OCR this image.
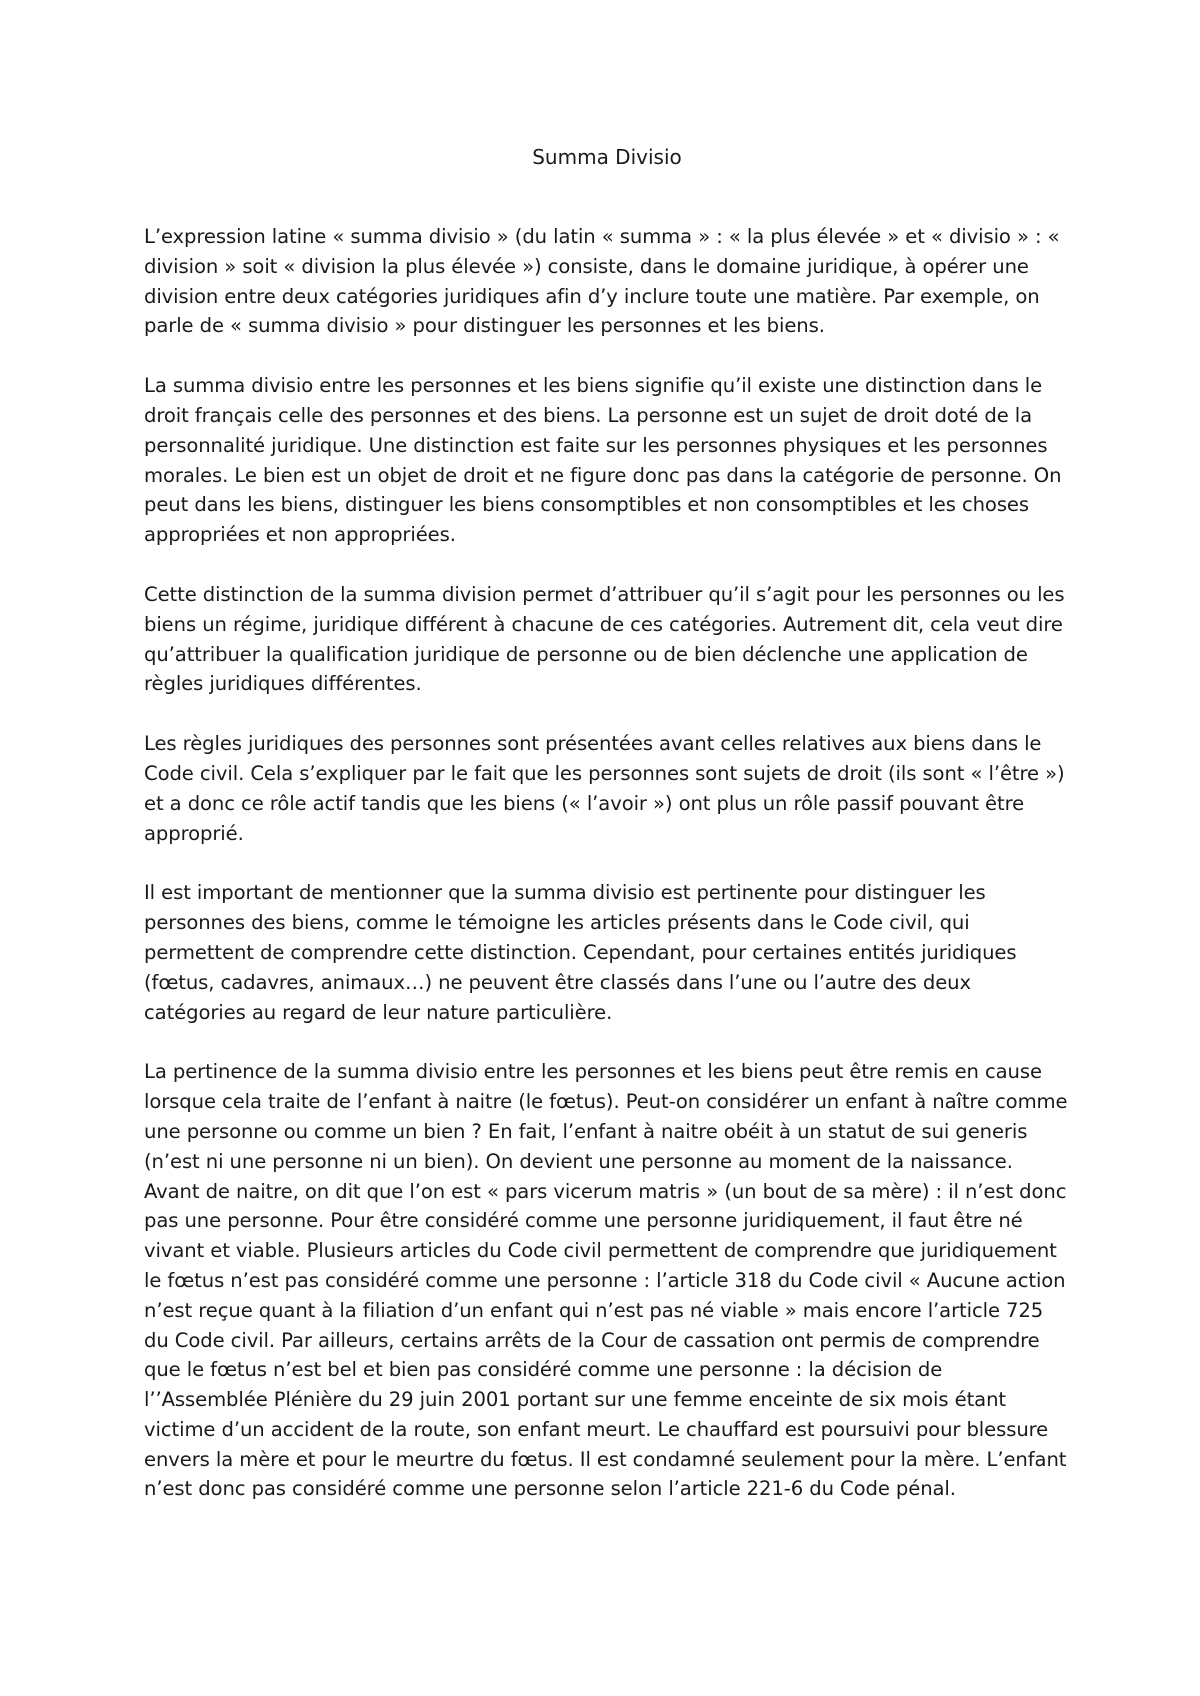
Summa Divisio

L’expression latine « summa divisio » (du latin « summa » : « la plus élevée » et « divisio » : « division » soit « division la plus élevée ») consiste, dans le domaine juridique, à opérer une division entre deux catégories juridiques afin d’y inclure toute une matière. Par exemple, on parle de « summa divisio » pour distinguer les personnes et les biens.

La summa divisio entre les personnes et les biens signifie qu’il existe une distinction dans le droit français celle des personnes et des biens. La personne est un sujet de droit doté de la personnalité juridique. Une distinction est faite sur les personnes physiques et les personnes morales. Le bien est un objet de droit et ne figure donc pas dans la catégorie de personne. On peut dans les biens, distinguer les biens consomptibles et non consomptibles et les choses appropriées et non appropriées.

Cette distinction de la summa division permet d’attribuer qu’il s’agit pour les personnes ou les biens un régime, juridique différent à chacune de ces catégories. Autrement dit, cela veut dire qu’attribuer la qualification juridique de personne ou de bien déclenche une application de règles juridiques différentes.

Les règles juridiques des personnes sont présentées avant celles relatives aux biens dans le Code civil. Cela s’expliquer par le fait que les personnes sont sujets de droit (ils sont « l’être ») et a donc ce rôle actif tandis que les biens (« l’avoir ») ont plus un rôle passif pouvant être approprié.

Il est important de mentionner que la summa divisio est pertinente pour distinguer les personnes des biens, comme le témoigne les articles présents dans le Code civil, qui permettent de comprendre cette distinction. Cependant, pour certaines entités juridiques (fœtus, cadavres, animaux…) ne peuvent être classés dans l’une ou l’autre des deux catégories au regard de leur nature particulière.

La pertinence de la summa divisio entre les personnes et les biens peut être remis en cause lorsque cela traite de l’enfant à naitre (le fœtus). Peut-on considérer un enfant à naître comme une personne ou comme un bien ? En fait, l’enfant à naitre obéit à un statut de sui generis (n’est ni une personne ni un bien). On devient une personne au moment de la naissance. Avant de naitre, on dit que l’on est « pars vicerum matris » (un bout de sa mère) : il n’est donc pas une personne. Pour être considéré comme une personne juridiquement, il faut être né vivant et viable. Plusieurs articles du Code civil permettent de comprendre que juridiquement le fœtus n’est pas considéré comme une personne : l’article 318 du Code civil « Aucune action n’est reçue quant à la filiation d’un enfant qui n’est pas né viable » mais encore l’article 725 du Code civil. Par ailleurs, certains arrêts de la Cour de cassation ont permis de comprendre que le fœtus n’est bel et bien pas considéré comme une personne : la décision de l’’Assemblée Plénière du 29 juin 2001 portant sur une femme enceinte de six mois étant victime d’un accident de la route, son enfant meurt. Le chauffard est poursuivi pour blessure envers la mère et pour le meurtre du fœtus. Il est condamné seulement pour la mère. L’enfant n’est donc pas considéré comme une personne selon l’article 221-6 du Code pénal.
